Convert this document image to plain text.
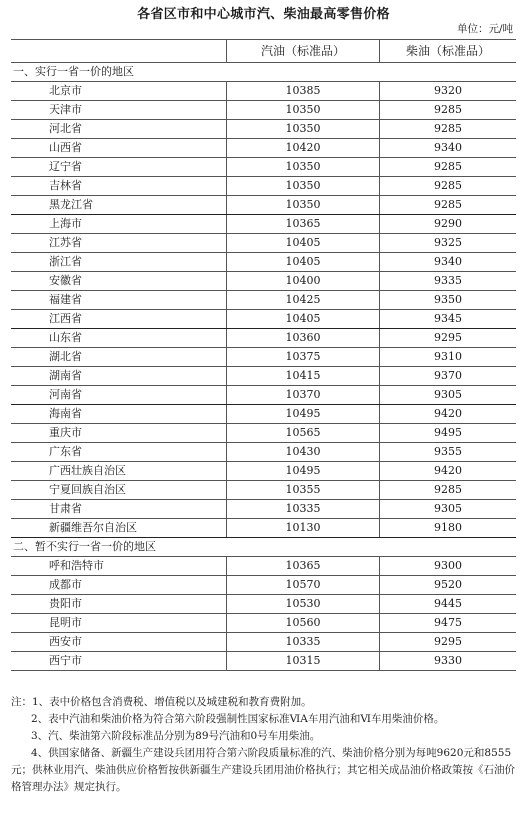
各省区市和中心城市汽、柴油最高零售价格
单位：元/吨
	汽油（标准品）	柴油（标准品）
一、实行一省一价的地区		
北京市	10385	9320
天津市	10350	9285
河北省	10350	9285
山西省	10420	9340
辽宁省	10350	9285
吉林省	10350	9285
黑龙江省	10350	9285
上海市	10365	9290
江苏省	10405	9325
浙江省	10405	9340
安徽省	10400	9335
福建省	10425	9350
江西省	10405	9345
山东省	10360	9295
湖北省	10375	9310
湖南省	10415	9370
河南省	10370	9305
海南省	10495	9420
重庆市	10565	9495
广东省	10430	9355
广西壮族自治区	10495	9420
宁夏回族自治区	10355	9285
甘肃省	10335	9305
新疆维吾尔自治区	10130	9180
二、暂不实行一省一价的地区		
呼和浩特市	10365	9300
成都市	10570	9520
贵阳市	10530	9445
昆明市	10560	9475
西安市	10335	9295
西宁市	10315	9330

注：1、表中价格包含消费税、增值税以及城建税和教育费附加。

2、表中汽油和柴油价格为符合第六阶段强制性国家标准ⅥA车用汽油和Ⅵ车用柴油价格。

3、汽、柴油第六阶段标准品分别为89号汽油和0号车用柴油。

4、供国家储备、新疆生产建设兵团用符合第六阶段质量标准的汽、柴油价格分别为每吨9620元和8555元；供林业用汽、柴油供应价格暂按供新疆生产建设兵团用油价格执行；其它相关成品油价格政策按《石油价格管理办法》规定执行。
